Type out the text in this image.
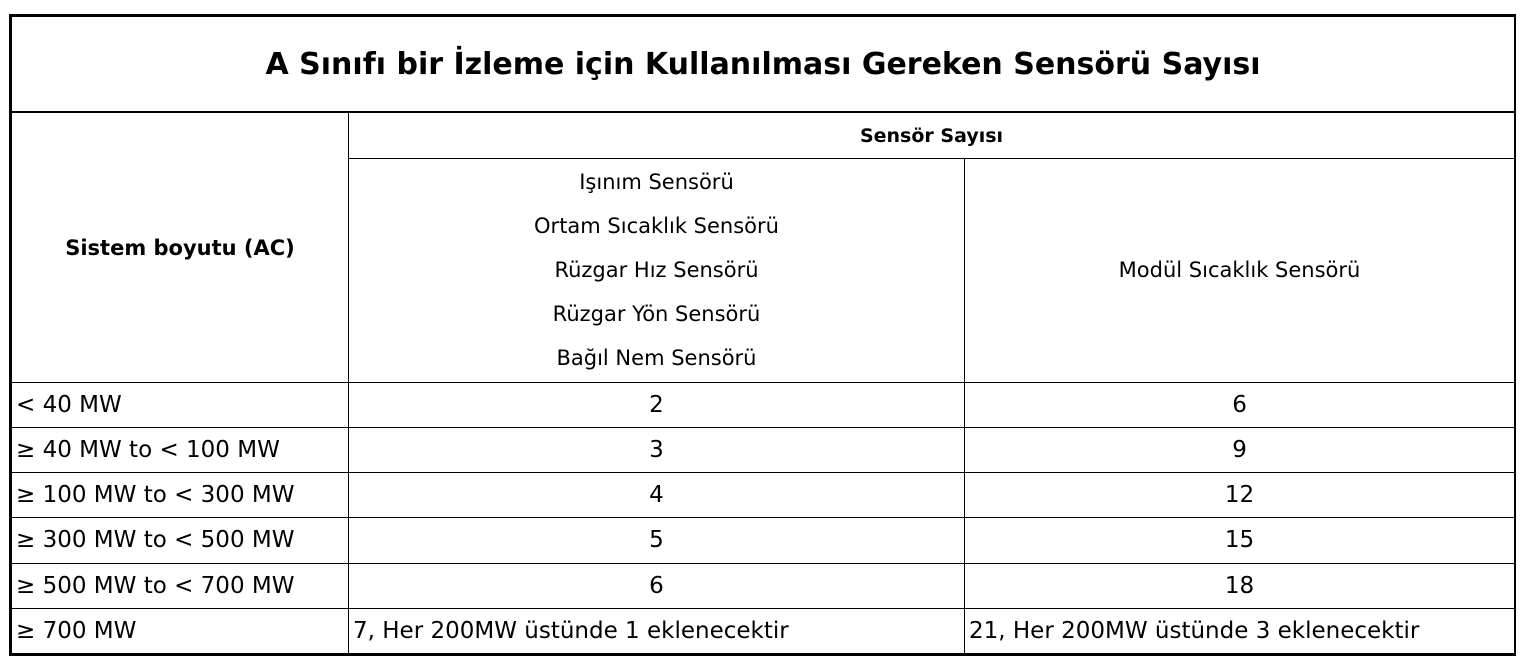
A Sınıfı bir İzleme için Kullanılması Gereken Sensörü Sayısı		
Sistem boyutu (AC)	Sensör Sayısı	

	Işınım Sensörü
Ortam Sıcaklık Sensörü
Rüzgar Hız Sensörü
Rüzgar Yön Sensörü
Bağıl Nem Sensörü	Modül Sıcaklık Sensörü
< 40 MW	2	6
≥ 40 MW to < 100 MW	3	9
≥ 100 MW to < 300 MW	4	12
≥ 300 MW to < 500 MW	5	15
≥ 500 MW to < 700 MW	6	18
≥ 700 MW	7, Her 200MW üstünde 1 eklenecektir	21, Her 200MW üstünde 3 eklenecektir
